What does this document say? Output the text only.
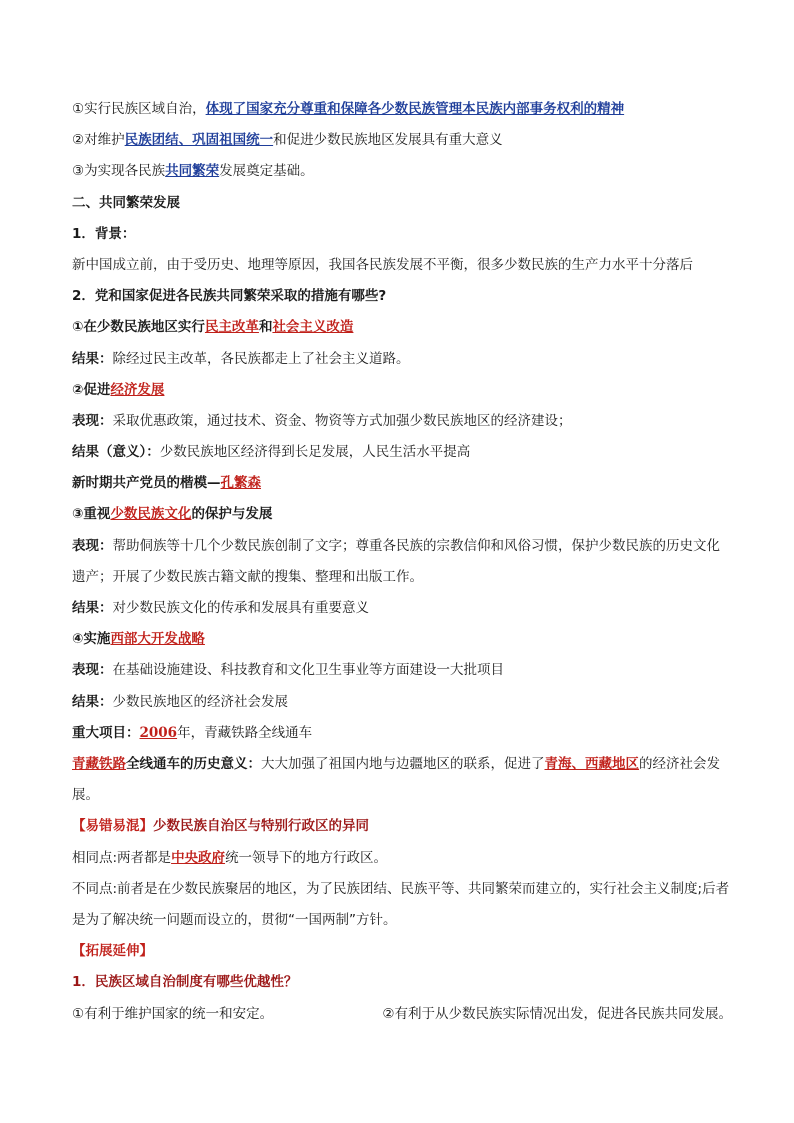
①实行民族区域自治，体现了国家充分尊重和保障各少数民族管理本民族内部事务权利的精神
②对维护民族团结、巩固祖国统一和促进少数民族地区发展具有重大意义
③为实现各民族共同繁荣发展奠定基础。
二、共同繁荣发展
1．背景：
新中国成立前，由于受历史、地理等原因，我国各民族发展不平衡，很多少数民族的生产力水平十分落后
2．党和国家促进各民族共同繁荣采取的措施有哪些?
①在少数民族地区实行民主改革和社会主义改造
结果：除经过民主改革，各民族都走上了社会主义道路。
②促进经济发展
表现：采取优惠政策，通过技术、资金、物资等方式加强少数民族地区的经济建设；
结果（意义）：少数民族地区经济得到长足发展，人民生活水平提高
新时期共产党员的楷模—孔繁森
③重视少数民族文化的保护与发展
表现：帮助侗族等十几个少数民族创制了文字；尊重各民族的宗教信仰和风俗习惯，保护少数民族的历史文化遗产；开展了少数民族古籍文献的搜集、整理和出版工作。
结果：对少数民族文化的传承和发展具有重要意义
④实施西部大开发战略
表现：在基础设施建设、科技教育和文化卫生事业等方面建设一大批项目
结果：少数民族地区的经济社会发展
重大项目：2006年，青藏铁路全线通车
青藏铁路全线通车的历史意义：大大加强了祖国内地与边疆地区的联系，促进了青海、西藏地区的经济社会发展。
【易错易混】少数民族自治区与特别行政区的异同
相同点:两者都是中央政府统一领导下的地方行政区。
不同点:前者是在少数民族聚居的地区，为了民族团结、民族平等、共同繁荣而建立的，实行社会主义制度;后者是为了解决统一问题而设立的，贯彻“一国两制”方针。
【拓展延伸】
1．民族区域自治制度有哪些优越性？
①有利于维护国家的统一和安定。	②有利于从少数民族实际情况出发，促进各民族共同发展。
